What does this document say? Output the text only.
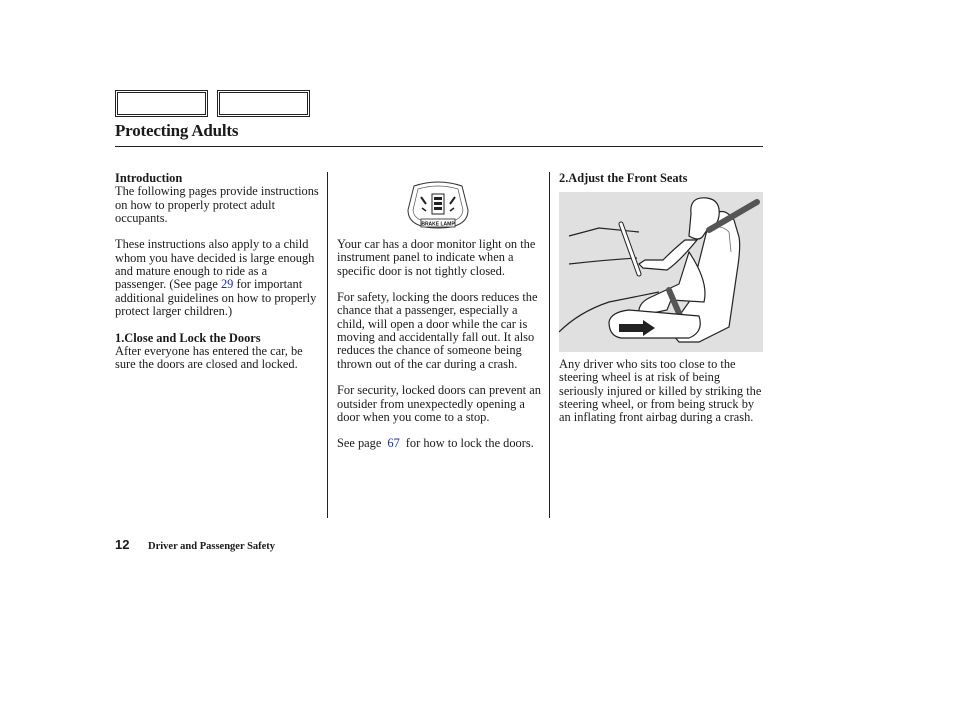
Protecting Adults
Introduction

The following pages provide instructions on how to properly protect adult occupants.

These instructions also apply to a child whom you have decided is large enough and mature enough to ride as a passenger. (See page 29 for important additional guidelines on how to properly protect larger children.)

1.Close and Lock the Doors

After everyone has entered the car, be sure the doors are closed and locked.

BRAKE LAMP

Your car has a door monitor light on the instrument panel to indicate when a specific door is not tightly closed.

For safety, locking the doors reduces the chance that a passenger, especially a child, will open a door while the car is moving and accidentally fall out. It also reduces the chance of someone being thrown out of the car during a crash.

For security, locked doors can prevent an outsider from unexpectedly opening a door when you come to a stop.

See page 67 for how to lock the doors.

2.Adjust the Front Seats

Any driver who sits too close to the steering wheel is at risk of being seriously injured or killed by striking the steering wheel, or from being struck by an inflating front airbag during a crash.

12 Driver and Passenger Safety
